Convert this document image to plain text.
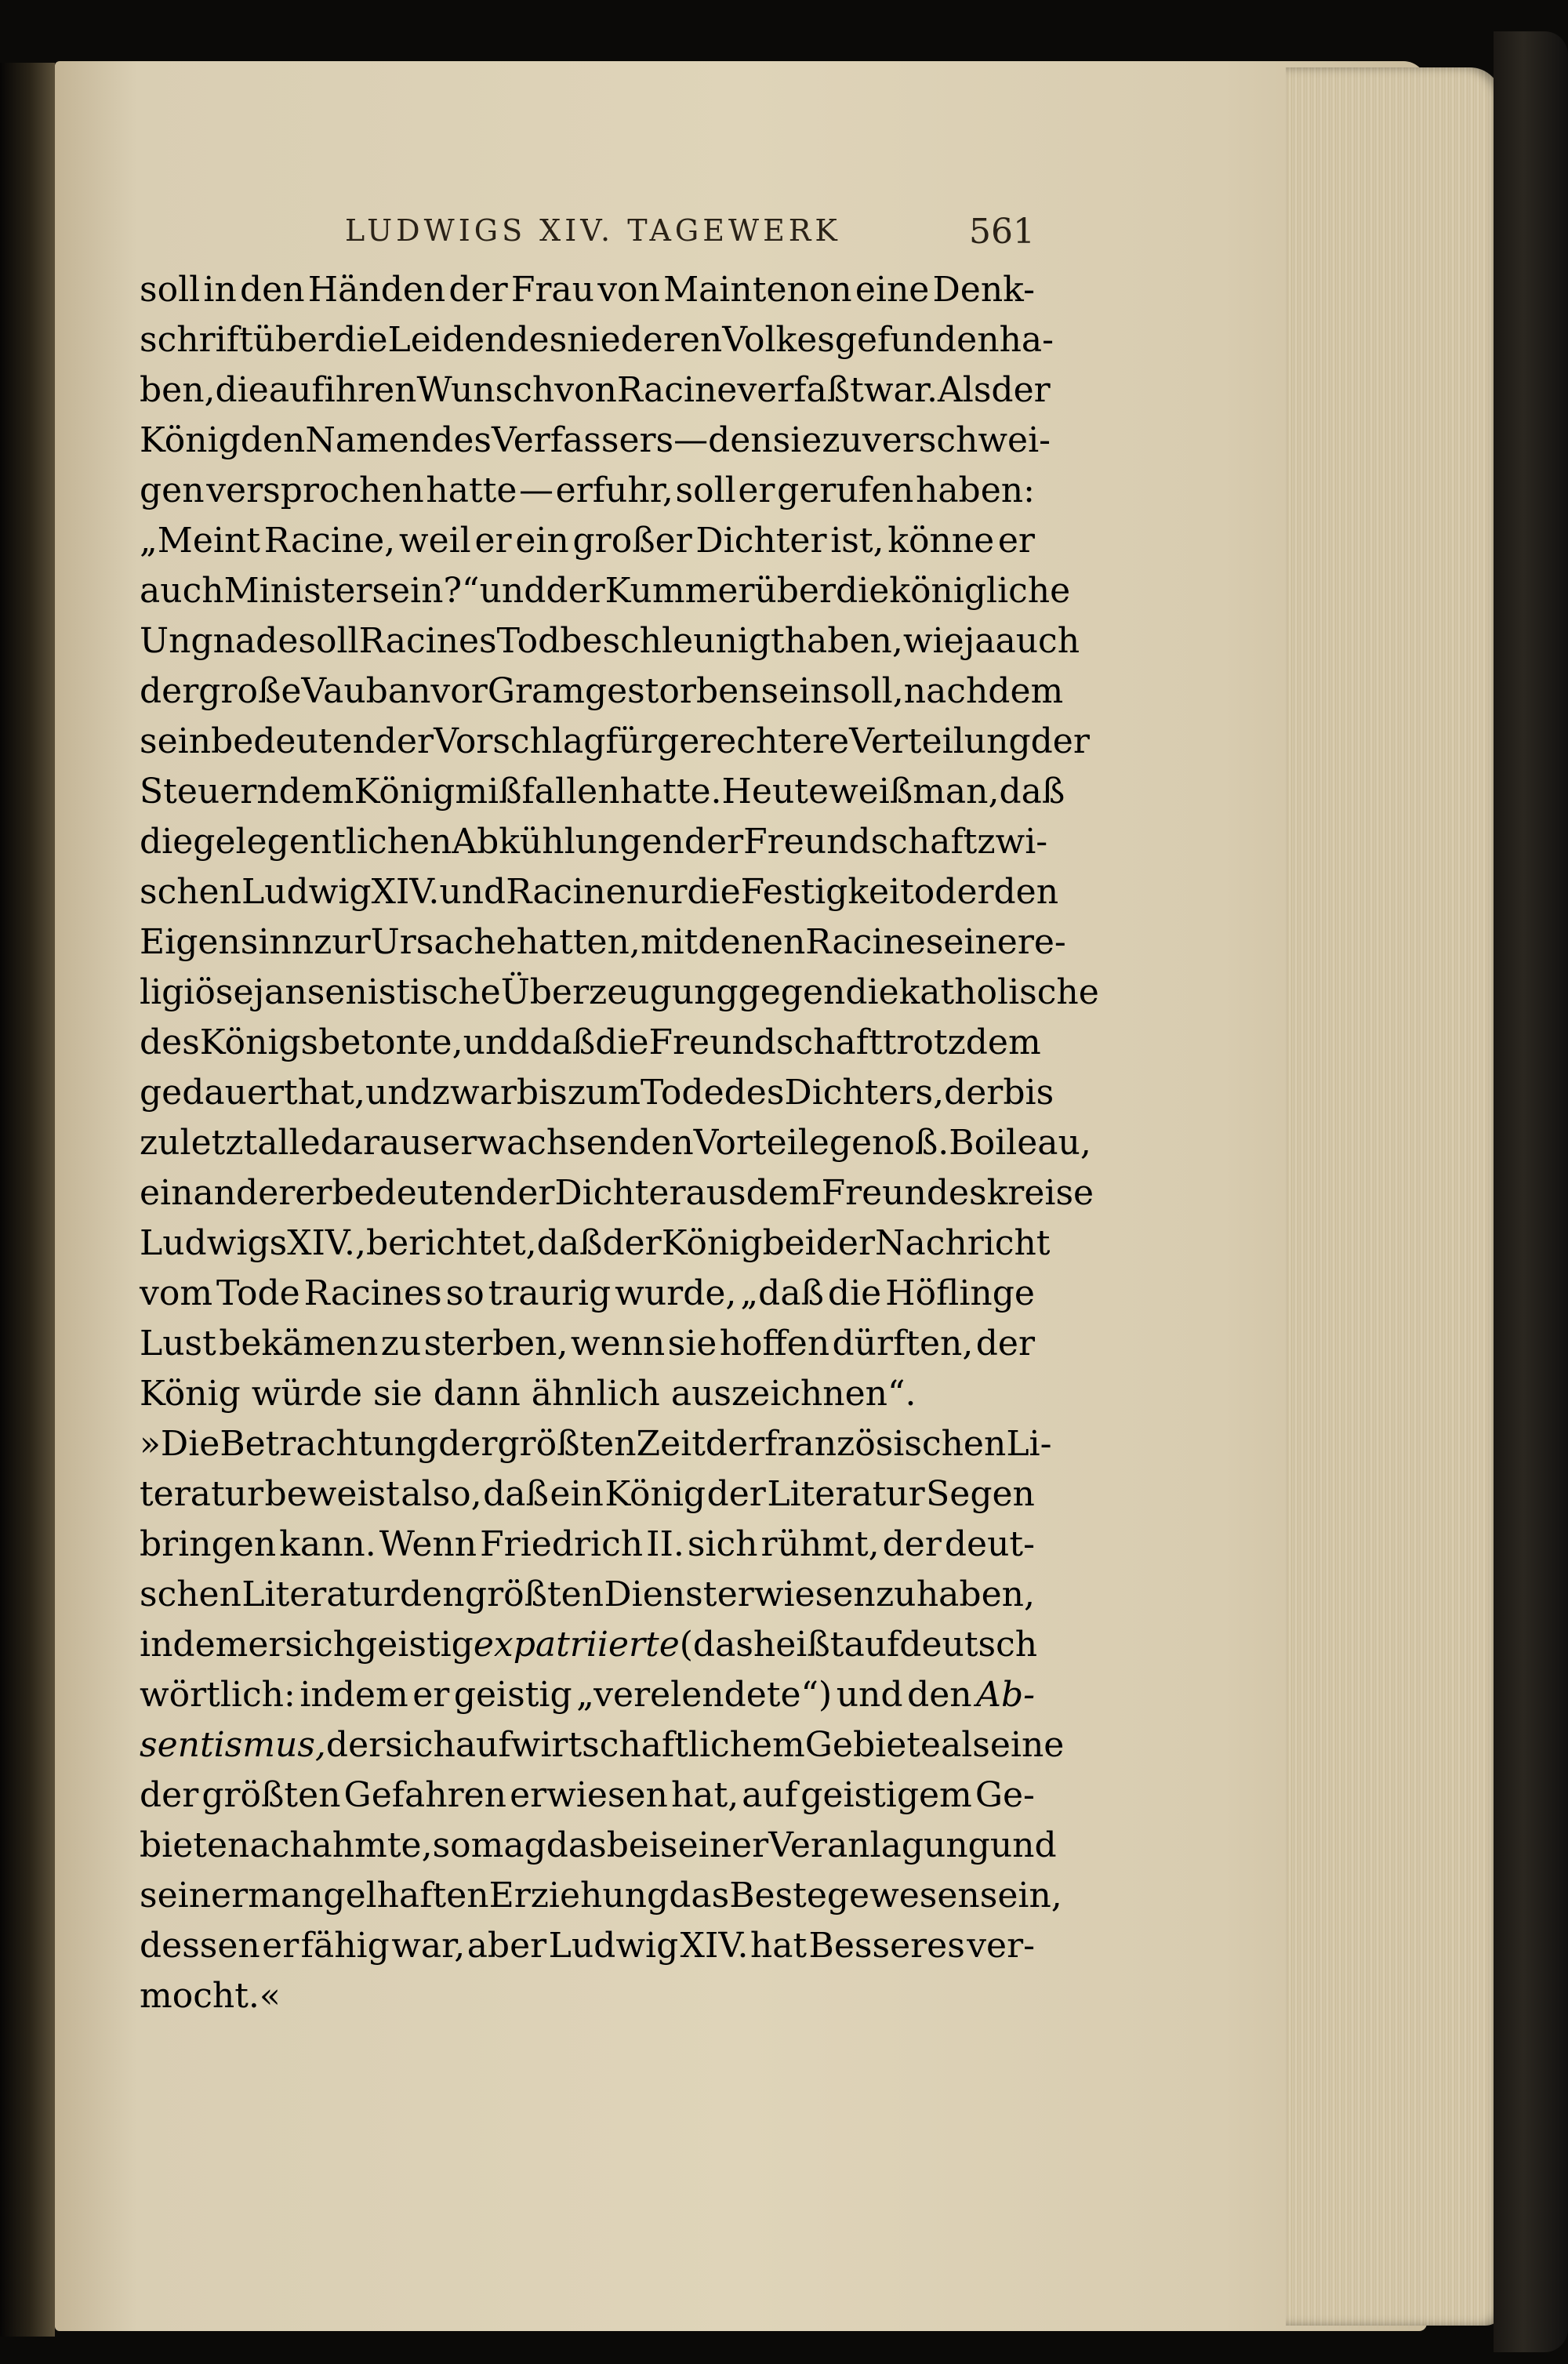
LUDWIGS XIV. TAGEWERK	561
soll in den Händen der Frau von Maintenon eine Denk-
schrift über die Leiden des niederen Volkes gefunden ha-
ben, die auf ihren Wunsch von Racine verfaßt war. Als der
König den Namen des Verfassers — den sie zu verschwei-
gen versprochen hatte — erfuhr, soll er gerufen haben:
„Meint Racine, weil er ein großer Dichter ist, könne er
auch Minister sein?“ und der Kummer über die königliche
Ungnade soll Racines Tod beschleunigt haben, wie ja auch
der große Vauban vor Gram gestorben sein soll, nachdem
sein bedeutender Vorschlag für gerechtere Verteilung der
Steuern dem König mißfallen hatte. Heute weiß man, daß
die gelegentlichen Abkühlungen der Freundschaft zwi-
schen Ludwig XIV. und Racine nur die Festigkeit oder den
Eigensinn zur Ursache hatten, mit denen Racine seine re-
ligiöse jansenistische Überzeugung gegen die katholische
des Königs betonte, und daß die Freundschaft trotzdem
gedauert hat, und zwar bis zum Tode des Dichters, der bis
zuletzt alle daraus erwachsenden Vorteile genoß. Boileau,
ein anderer bedeutender Dichter aus dem Freundeskreise
Ludwigs XIV., berichtet, daß der König bei der Nachricht
vom Tode Racines so traurig wurde, „daß die Höflinge
Lust bekämen zu sterben, wenn sie hoffen dürften, der
König würde sie dann ähnlich auszeichnen“.
»Die Betrachtung der größten Zeit der französischen Li-
teratur beweist also, daß ein König der Literatur Segen
bringen kann. Wenn Friedrich II. sich rühmt, der deut-
schen Literatur den größten Dienst erwiesen zu haben,
indem er sich geistig expatriierte (das heißt auf deutsch
wörtlich: indem er geistig „verelendete“) und den Ab-
sentismus, der sich auf wirtschaftlichem Gebiete als eine
der größten Gefahren erwiesen hat, auf geistigem Ge-
biete nachahmte, so mag das bei seiner Veranlagung und
seiner mangelhaften Erziehung das Beste gewesen sein,
dessen er fähig war, aber Ludwig XIV. hat Besseres ver-
mocht.«
